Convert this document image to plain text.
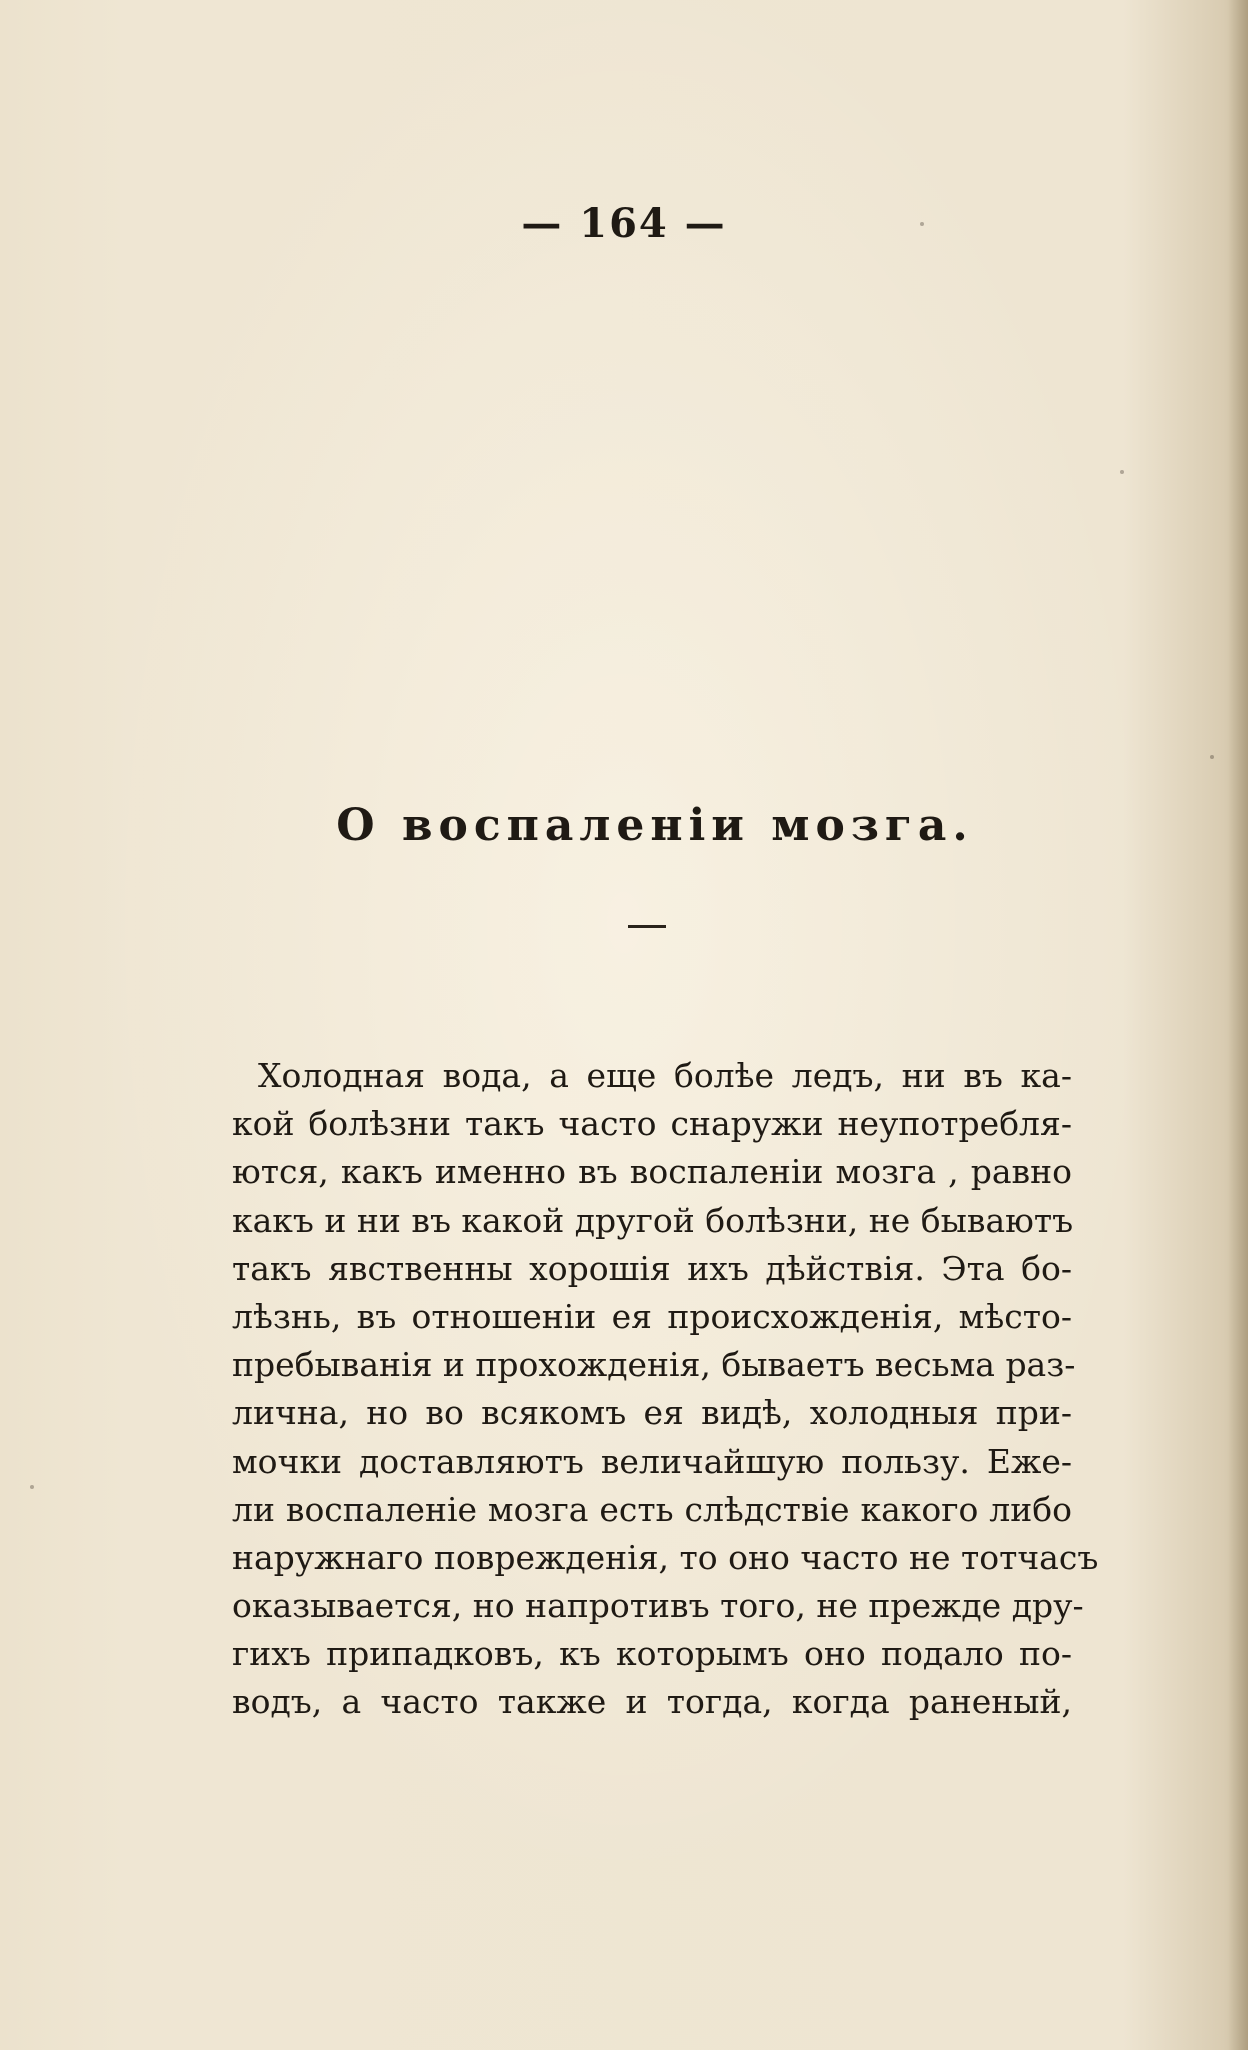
— 164 —
О воспаленіи мозга.
Холодная вода, а еще болѣе ледъ, ни въ ка-
кой болѣзни такъ часто снаружи неупотребля-
ются, какъ именно въ воспаленіи мозга , равно
какъ и ни въ какой другой болѣзни, не бываютъ
такъ явственны хорошія ихъ дѣйствія. Эта бо-
лѣзнь, въ отношеніи ея происхожденія, мѣсто-
пребыванія и прохожденія, бываетъ весьма раз-
лична, но во всякомъ ея видѣ, холодныя при-
мочки доставляютъ величайшую пользу. Еже-
ли воспаленіе мозга есть слѣдствіе какого либо
наружнаго поврежденія, то оно часто не тотчасъ
оказывается, но напротивъ того, не прежде дру-
гихъ припадковъ, къ которымъ оно подало по-
водъ, а часто также и тогда, когда раненый,
